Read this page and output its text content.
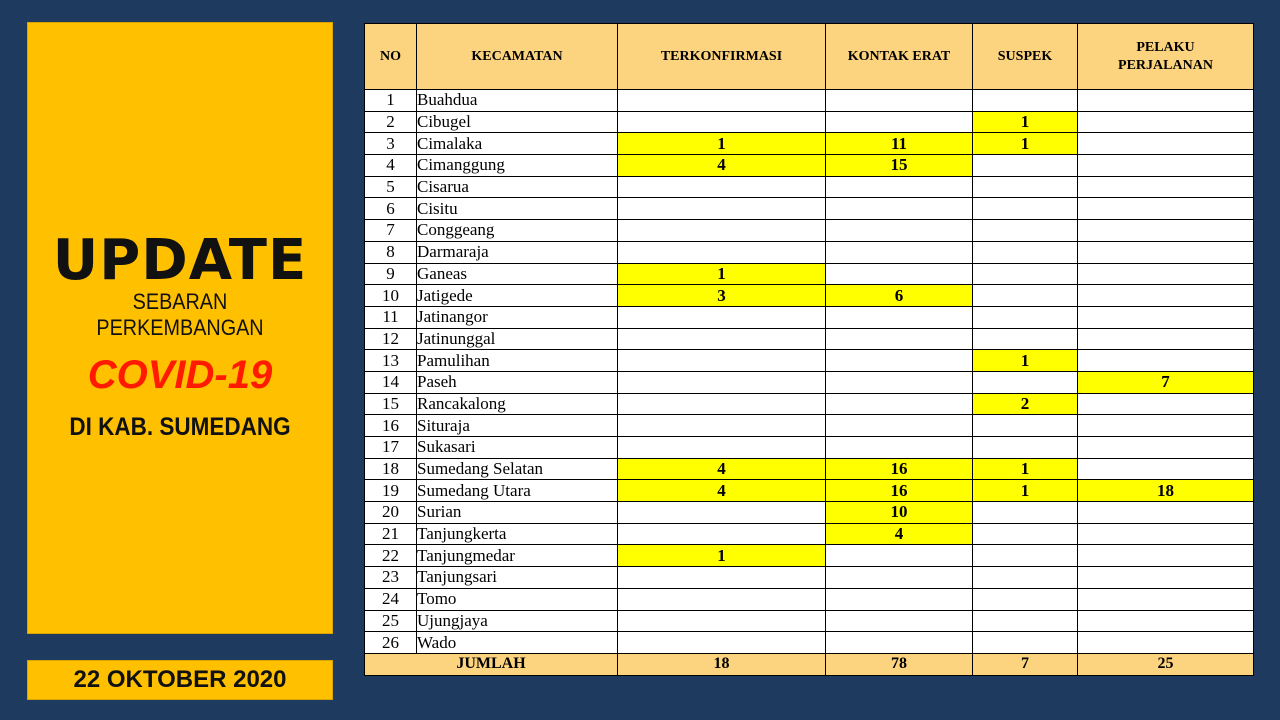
UPDATE
SEBARAN
PERKEMBANGAN
COVID-19
DI KAB. SUMEDANG
22 OKTOBER 2020
NO	KECAMATAN	TERKONFIRMASI	KONTAK ERAT	SUSPEK	PELAKU PERJALANAN
1	Buahdua				
2	Cibugel			1	
3	Cimalaka	1	11	1	
4	Cimanggung	4	15		
5	Cisarua				
6	Cisitu				
7	Conggeang				
8	Darmaraja				
9	Ganeas	1			
10	Jatigede	3	6		
11	Jatinangor				
12	Jatinunggal				
13	Pamulihan			1	
14	Paseh				7
15	Rancakalong			2	
16	Situraja				
17	Sukasari				
18	Sumedang Selatan	4	16	1	
19	Sumedang Utara	4	16	1	18
20	Surian		10		
21	Tanjungkerta		4		
22	Tanjungmedar	1			
23	Tanjungsari				
24	Tomo				
25	Ujungjaya				
26	Wado				
JUMLAH		18	78	7	25
